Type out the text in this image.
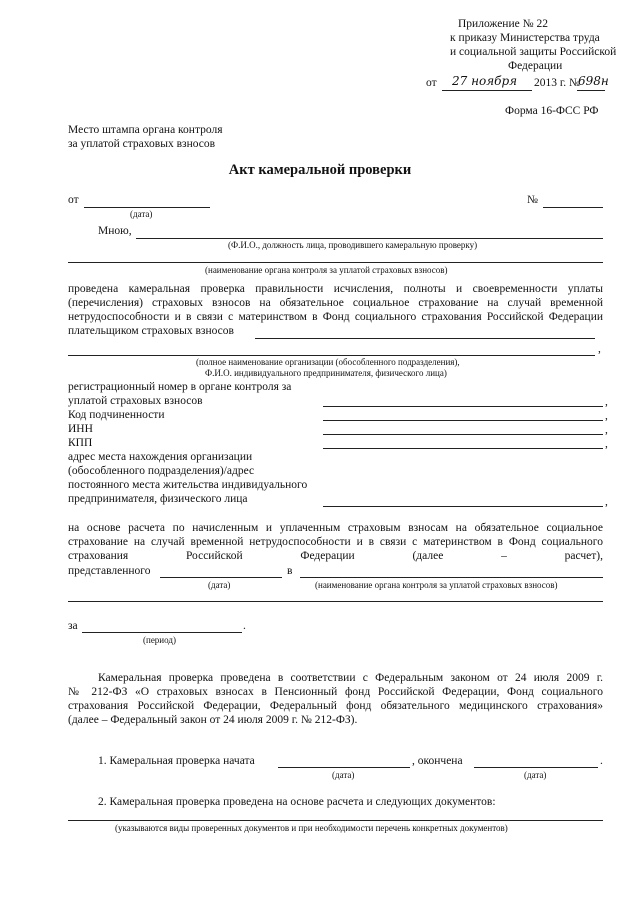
Приложение № 22
к приказу Министерства труда
и социальной защиты Российской
Федерации
от 27 ноября 2013 г. №
698н
Форма 16-ФСС РФ
Место штампа органа контроля
за уплатой страховых взносов
Акт камеральной проверки
от
(дата)
№
Мною,
(Ф.И.О., должность лица, проводившего камеральную проверку)
(наименование органа контроля за уплатой страховых взносов)
проведена камеральная проверка правильности исчисления, полноты и своевременности уплаты
(перечисления) страховых взносов на обязательное социальное страхование на случай временной
нетрудоспособности и в связи с материнством в Фонд социального страхования Российской Федерации
плательщиком страховых взносов
,
(полное наименование организации (обособленного подразделения),
Ф.И.О. индивидуального предпринимателя, физического лица)
регистрационный номер в органе контроля за
уплатой страховых взносов	,
Код подчиненности	,
ИНН	,
КПП	,
адрес места нахождения организации
(обособленного подразделения)/адрес
постоянного места жительства индивидуального
предпринимателя, физического лица	,
на основе расчета по начисленным и уплаченным страховым взносам на обязательное социальное
страхование на случай временной нетрудоспособности и в связи с материнством в Фонд социального
страхования	Российской	Федерации	(далее	–	расчет),
представленного
(дата)
в
(наименование органа контроля за уплатой страховых взносов)
за	.
(период)
Камеральная проверка проведена в соответствии с Федеральным законом от 24 июля 2009 г.
№ 212-ФЗ «О страховых взносах в Пенсионный фонд Российской Федерации, Фонд социального
страхования Российской Федерации, Федеральный фонд обязательного медицинского страхования»
(далее – Федеральный закон от 24 июля 2009 г. № 212-ФЗ).
1. Камеральная проверка начата
(дата)
, окончена	.
(дата)
2. Камеральная проверка проведена на основе расчета и следующих документов:
(указываются виды проверенных документов и при необходимости перечень конкретных документов)
